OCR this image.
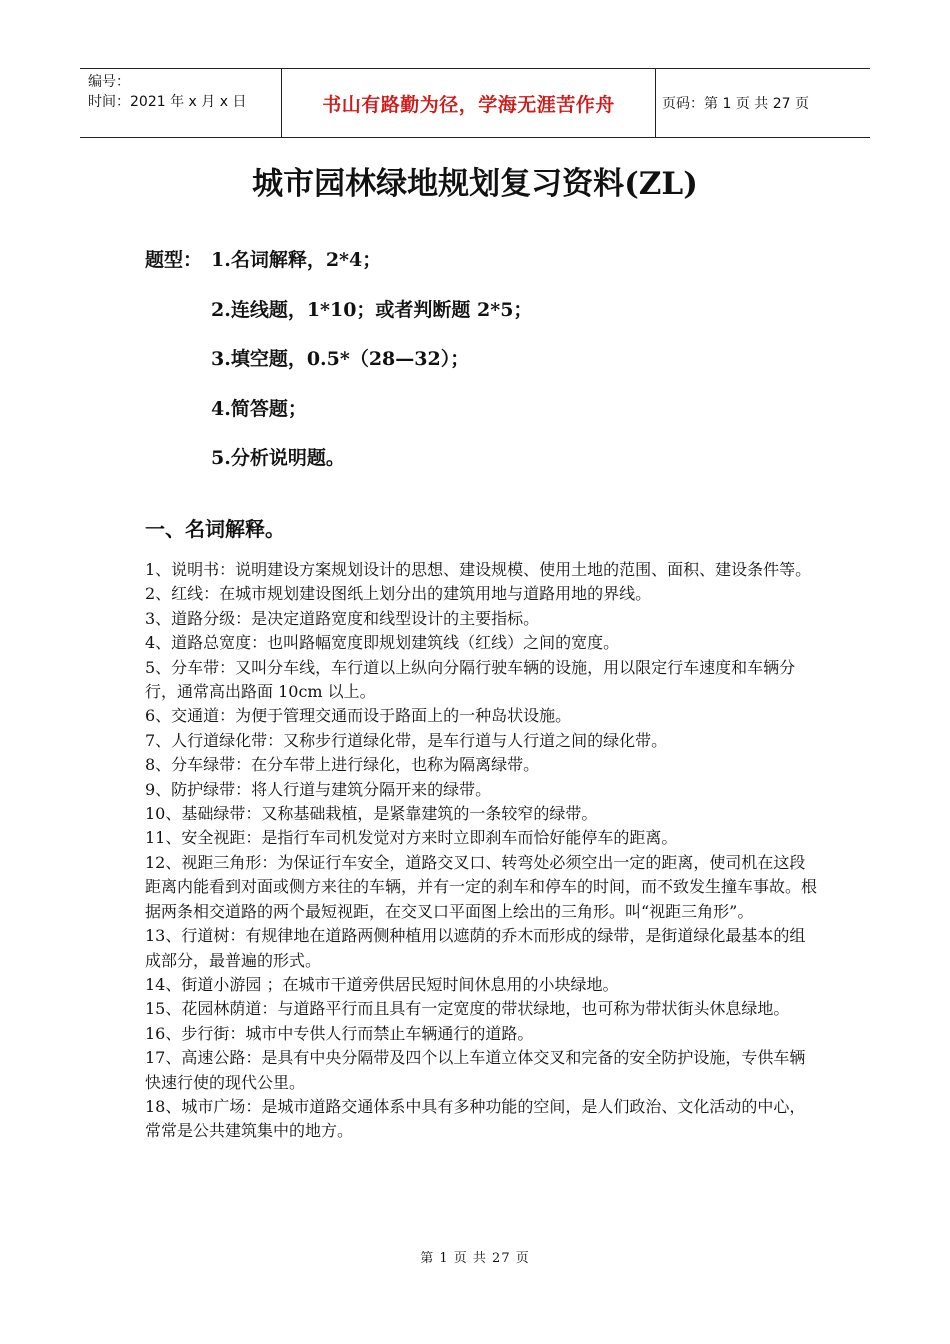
编号：
时间：2021 年 x 月 x 日	书山有路勤为径，学海无涯苦作舟	页码：第 1 页 共 27 页
城市园林绿地规划复习资料(ZL)
题型： 1.名词解释，2*4；
2.连线题，1*10；或者判断题 2*5；
3.填空题，0.5*（28—32）；
4.简答题；
5.分析说明题。
一、名词解释。

1、说明书：说明建设方案规划设计的思想、建设规模、使用土地的范围、面积、建设条件等。

2、红线：在城市规划建设图纸上划分出的建筑用地与道路用地的界线。

3、道路分级：是决定道路宽度和线型设计的主要指标。

4、道路总宽度：也叫路幅宽度即规划建筑线（红线）之间的宽度。

5、分车带：又叫分车线，车行道以上纵向分隔行驶车辆的设施，用以限定行车速度和车辆分行，通常高出路面 10cm 以上。

6、交通道：为便于管理交通而设于路面上的一种岛状设施。

7、人行道绿化带：又称步行道绿化带，是车行道与人行道之间的绿化带。

8、分车绿带：在分车带上进行绿化，也称为隔离绿带。

9、防护绿带：将人行道与建筑分隔开来的绿带。

10、基础绿带：又称基础栽植，是紧靠建筑的一条较窄的绿带。

11、安全视距：是指行车司机发觉对方来时立即刹车而恰好能停车的距离。

12、视距三角形：为保证行车安全，道路交叉口、转弯处必须空出一定的距离，使司机在这段距离内能看到对面或侧方来往的车辆，并有一定的刹车和停车的时间，而不致发生撞车事故。根据两条相交道路的两个最短视距，在交叉口平面图上绘出的三角形。叫“视距三角形”。

13、行道树：有规律地在道路两侧种植用以遮荫的乔木而形成的绿带，是街道绿化最基本的组成部分，最普遍的形式。

14、街道小游园 ；在城市干道旁供居民短时间休息用的小块绿地。

15、花园林荫道：与道路平行而且具有一定宽度的带状绿地，也可称为带状街头休息绿地。

16、步行街：城市中专供人行而禁止车辆通行的道路。

17、高速公路：是具有中央分隔带及四个以上车道立体交叉和完备的安全防护设施，专供车辆快速行使的现代公里。

18、城市广场：是城市道路交通体系中具有多种功能的空间，是人们政治、文化活动的中心，常常是公共建筑集中的地方。

第 1 页 共 27 页
